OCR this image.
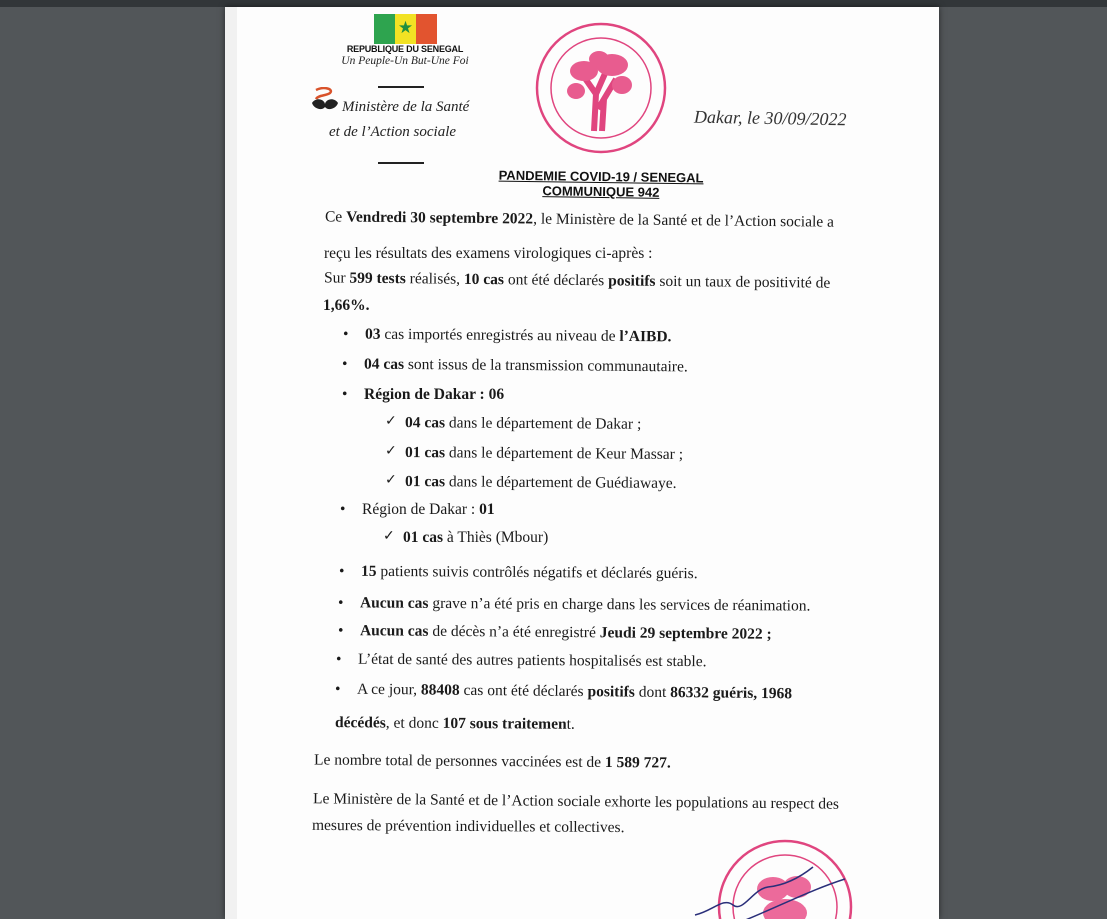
★
REPUBLIQUE DU SENEGAL
Un Peuple-Un But-Une Foi
Ministère de la Santé
et de l’Action sociale
Dakar, le 30/09/2022
PANDEMIE COVID-19 / SENEGAL
COMMUNIQUE 942
Ce Vendredi 30 septembre 2022, le Ministère de la Santé et de l’Action sociale a
reçu les résultats des examens virologiques ci-après :
Sur 599 tests réalisés, 10 cas ont été déclarés positifs soit un taux de positivité de
1,66%.
• 03 cas importés enregistrés au niveau de l’AIBD.
• 04 cas sont issus de la transmission communautaire.
• Région de Dakar : 06
✓ 04 cas dans le département de Dakar ;
✓ 01 cas dans le département de Keur Massar ;
✓ 01 cas dans le département de Guédiawaye.
• Région de Dakar : 01
✓ 01 cas à Thiès (Mbour)
• 15 patients suivis contrôlés négatifs et déclarés guéris.
• Aucun cas grave n’a été pris en charge dans les services de réanimation.
• Aucun cas de décès n’a été enregistré Jeudi 29 septembre 2022 ;
• L’état de santé des autres patients hospitalisés est stable.
• A ce jour, 88408 cas ont été déclarés positifs dont 86332 guéris, 1968
décédés, et donc 107 sous traitement.
Le nombre total de personnes vaccinées est de 1 589 727.
Le Ministère de la Santé et de l’Action sociale exhorte les populations au respect des
mesures de prévention individuelles et collectives.
